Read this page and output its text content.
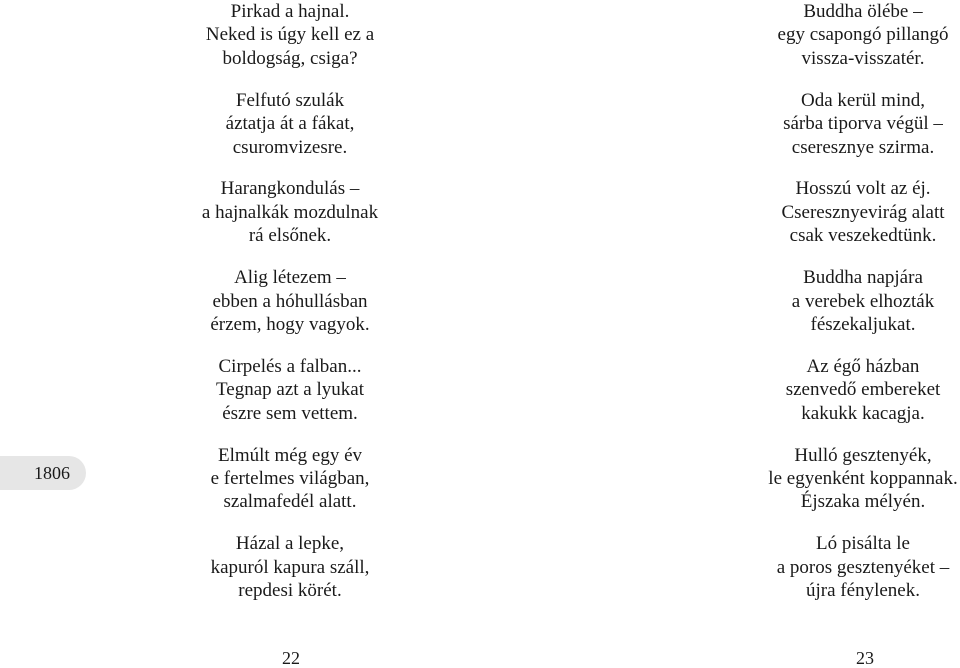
Pirkad a hajnal.
Neked is úgy kell ez a
boldogság, csiga?

Felfutó szulák
áztatja át a fákat,
csuromvizesre.

Harangkondulás –
a hajnalkák mozdulnak
rá elsőnek.

Alig létezem –
ebben a hóhullásban
érzem, hogy vagyok.

Cirpelés a falban...
Tegnap azt a lyukat
észre sem vettem.

Elmúlt még egy év
e fertelmes világban,
szalmafedél alatt.

Házal a lepke,
kapuról kapura száll,
repdesi körét.

Buddha ölébe –
egy csapongó pillangó
vissza-visszatér.

Oda kerül mind,
sárba tiporva végül –
cseresznye szirma.

Hosszú volt az éj.
Cseresznyevirág alatt
csak veszekedtünk.

Buddha napjára
a verebek elhozták
fészekaljukat.

Az égő házban
szenvedő embereket
kakukk kacagja.

Hulló gesztenyék,
le egyenként koppannak.
Éjszaka mélyén.

Ló pisálta le
a poros gesztenyéket –
újra fénylenek.

1806
22	23
